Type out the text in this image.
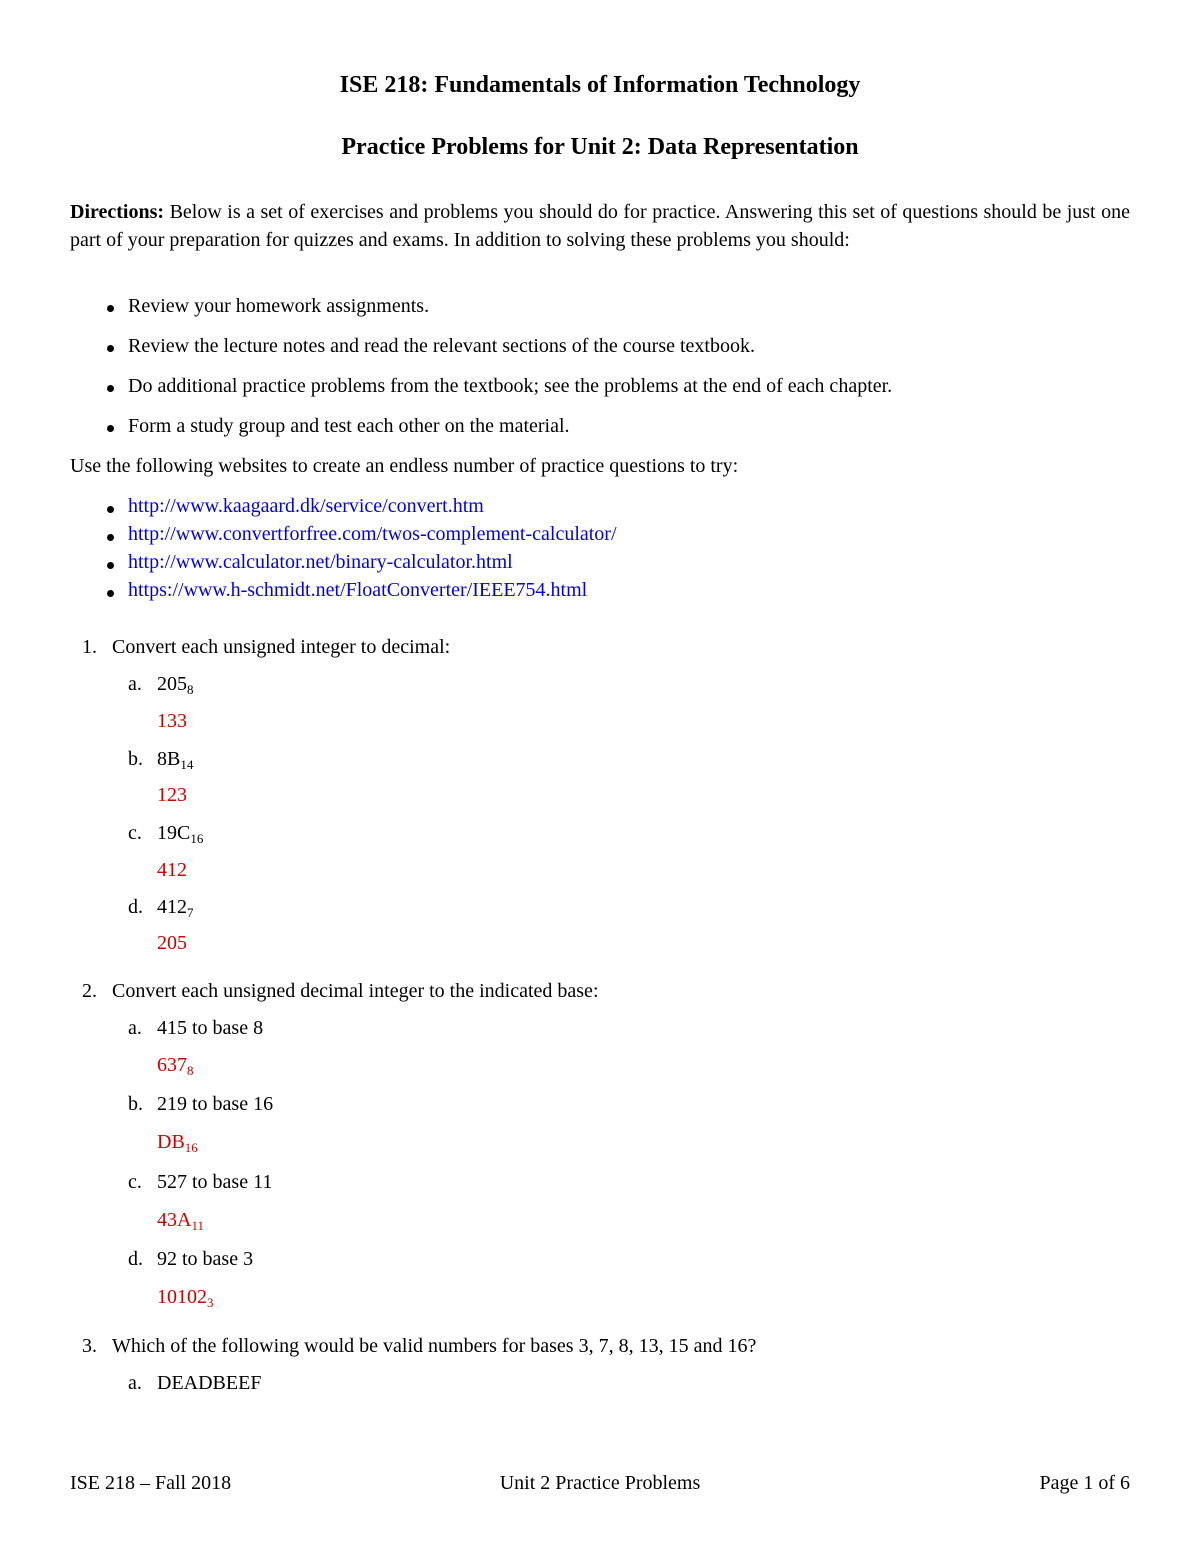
ISE 218: Fundamentals of Information Technology
Practice Problems for Unit 2: Data Representation
Directions: Below is a set of exercises and problems you should do for practice. Answering this set of questions should be just one part of your preparation for quizzes and exams. In addition to solving these problems you should:
Review your homework assignments.
Review the lecture notes and read the relevant sections of the course textbook.
Do additional practice problems from the textbook; see the problems at the end of each chapter.
Form a study group and test each other on the material.
Use the following websites to create an endless number of practice questions to try:
http://www.kaagaard.dk/service/convert.htm
http://www.convertforfree.com/twos-complement-calculator/
http://www.calculator.net/binary-calculator.html
https://www.h-schmidt.net/FloatConverter/IEEE754.html
1. Convert each unsigned integer to decimal:
a. $205_8$
133
b. $8B_{14}$
123
c. $19C_{16}$
412
d. $412_7$
205
2. Convert each unsigned decimal integer to the indicated base:
a. 415 to base 8
$637_8$
b. 219 to base 16
$DB_{16}$
c. 527 to base 11
$43A_{11}$
d. 92 to base 3
$10102_3$
3. Which of the following would be valid numbers for bases 3, 7, 8, 13, 15 and 16?
a. DEADBEEF
ISE 218 – Fall 2018	Unit 2 Practice Problems	Page 1 of 6
